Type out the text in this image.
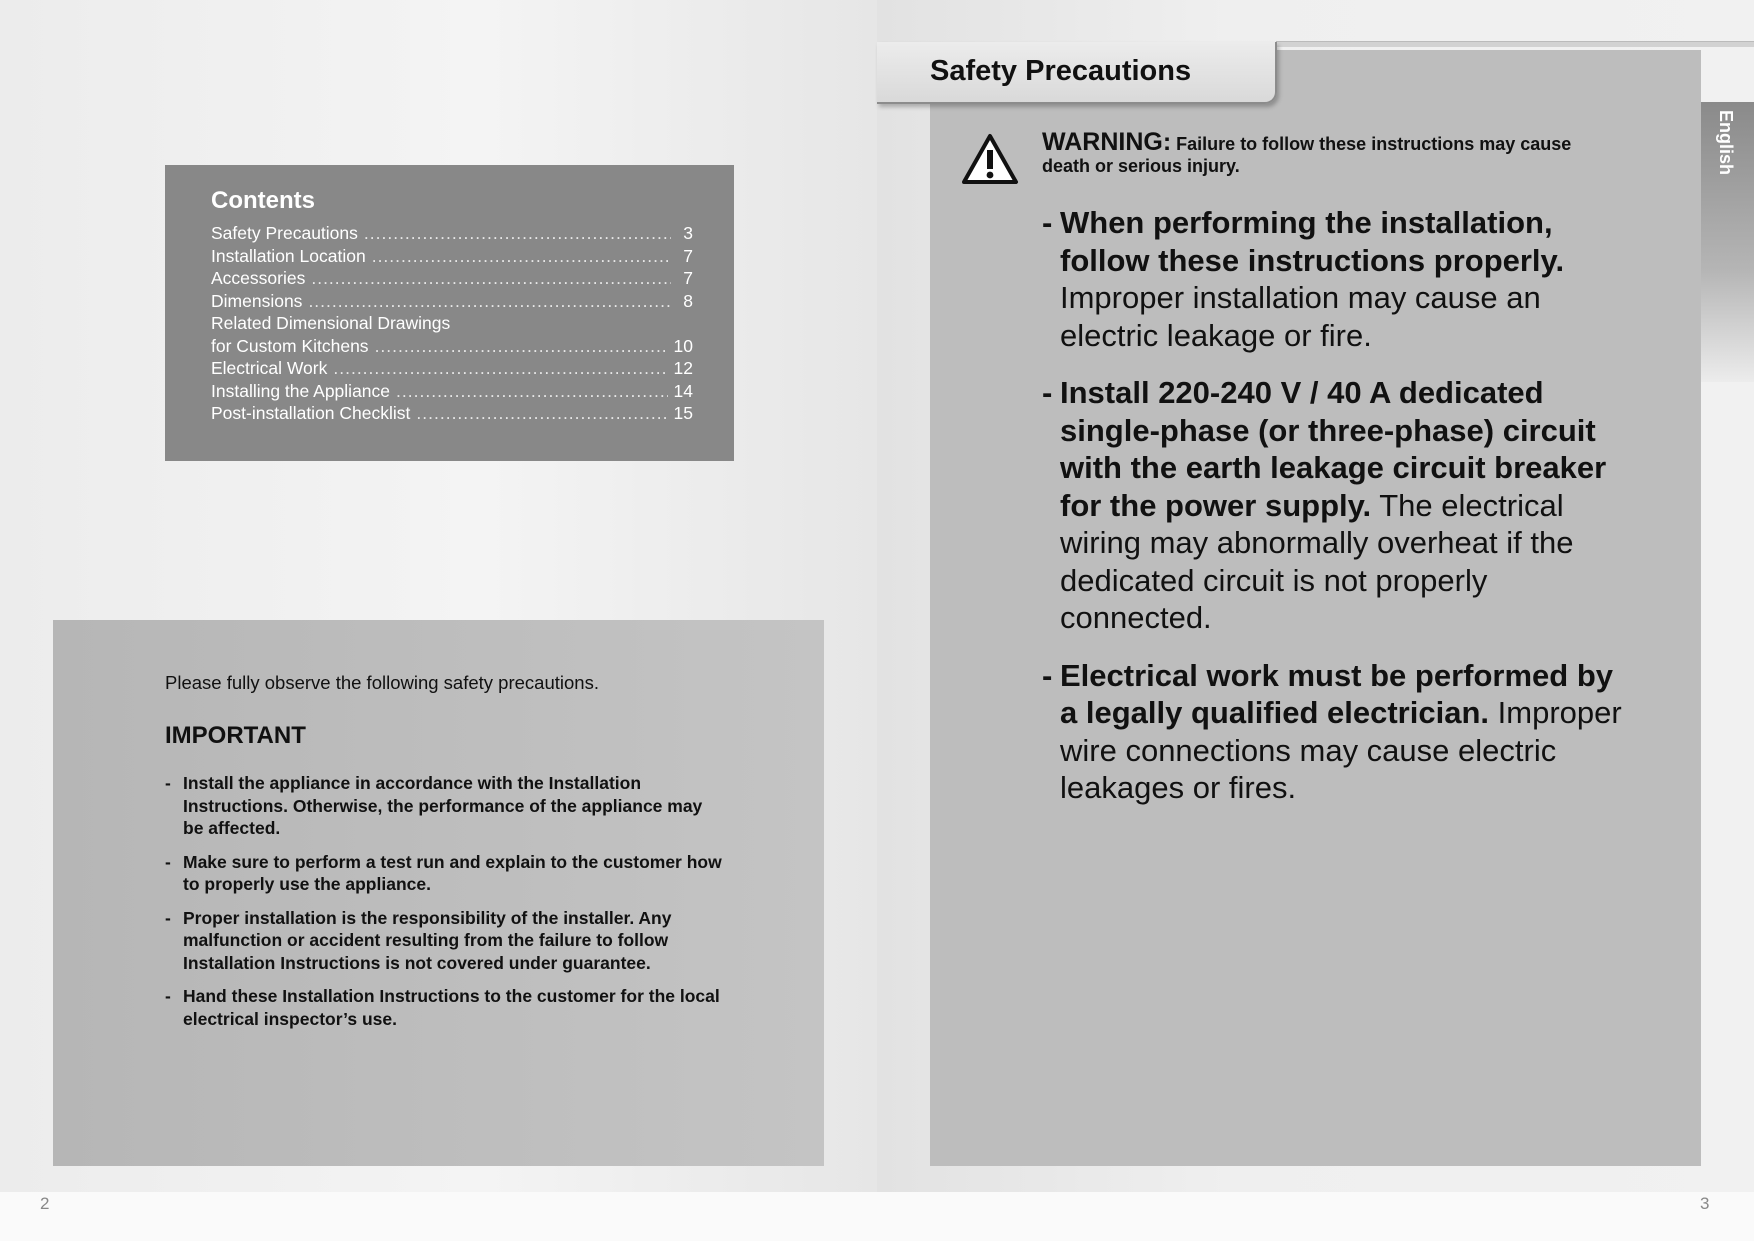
Contents
Safety Precautions .....	3
Installation Location .....	7
Accessories .....	7
Dimensions .....	8
Related Dimensional Drawings
for Custom Kitchens .....	10
Electrical Work .....	12
Installing the Appliance .....	14
Post-installation Checklist .....	15
Please fully observe the following safety precautions.
IMPORTANT
- Install the appliance in accordance with the Installation Instructions. Otherwise, the performance of the appliance may be affected.
- Make sure to perform a test run and explain to the customer how to properly use the appliance.
- Proper installation is the responsibility of the installer. Any malfunction or accident resulting from the failure to follow Installation Instructions is not covered under guarantee.
- Hand these Installation Instructions to the customer for the local electrical inspector’s use.
2
Safety Precautions
English
WARNING: Failure to follow these instructions may cause death or serious injury.
- When performing the installation, follow these instructions properly. Improper installation may cause an electric leakage or fire.
- Install 220-240 V / 40 A dedicated single-phase (or three-phase) circuit with the earth leakage circuit breaker for the power supply. The electrical wiring may abnormally overheat if the dedicated circuit is not properly connected.
- Electrical work must be performed by a legally qualified electrician. Improper wire connections may cause electric leakages or fires.
3
